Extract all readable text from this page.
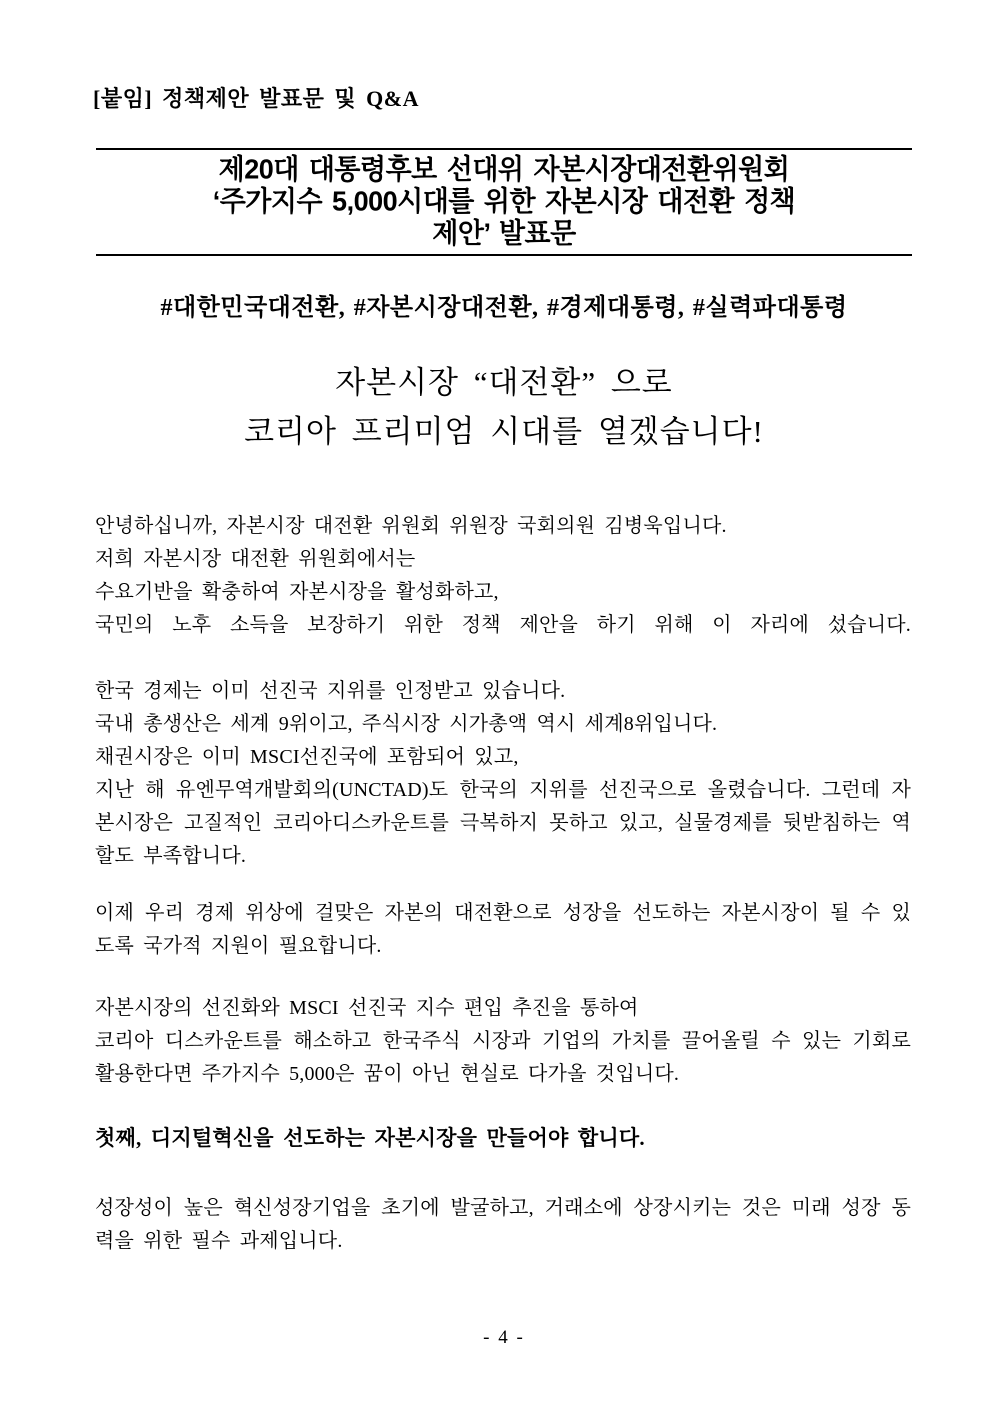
[붙임] 정책제안 발표문 및 Q&A
제20대 대통령후보 선대위 자본시장대전환위원회
‘주가지수 5,000시대를 위한 자본시장 대전환 정책
제안’ 발표문
#대한민국대전환, #자본시장대전환, #경제대통령, #실력파대통령
자본시장 “대전환” 으로
코리아 프리미엄 시대를 열겠습니다!
안녕하십니까, 자본시장 대전환 위원회 위원장 국회의원 김병욱입니다.
저희 자본시장 대전환 위원회에서는
수요기반을 확충하여 자본시장을 활성화하고,
국민의 노후 소득을 보장하기 위한 정책 제안을 하기 위해 이 자리에 섰습니다.
한국 경제는 이미 선진국 지위를 인정받고 있습니다.
국내 총생산은 세계 9위이고, 주식시장 시가총액 역시 세계8위입니다.
채권시장은 이미 MSCI선진국에 포함되어 있고,
지난 해 유엔무역개발회의(UNCTAD)도 한국의 지위를 선진국으로 올렸습니다. 그런데 자
본시장은 고질적인 코리아디스카운트를 극복하지 못하고 있고, 실물경제를 뒷받침하는 역
할도 부족합니다.
이제 우리 경제 위상에 걸맞은 자본의 대전환으로 성장을 선도하는 자본시장이 될 수 있
도록 국가적 지원이 필요합니다.
자본시장의 선진화와 MSCI 선진국 지수 편입 추진을 통하여
코리아 디스카운트를 해소하고 한국주식 시장과 기업의 가치를 끌어올릴 수 있는 기회로
활용한다면 주가지수 5,000은 꿈이 아닌 현실로 다가올 것입니다.
첫째, 디지털혁신을 선도하는 자본시장을 만들어야 합니다.
성장성이 높은 혁신성장기업을 초기에 발굴하고, 거래소에 상장시키는 것은 미래 성장 동
력을 위한 필수 과제입니다.
- 4 -
